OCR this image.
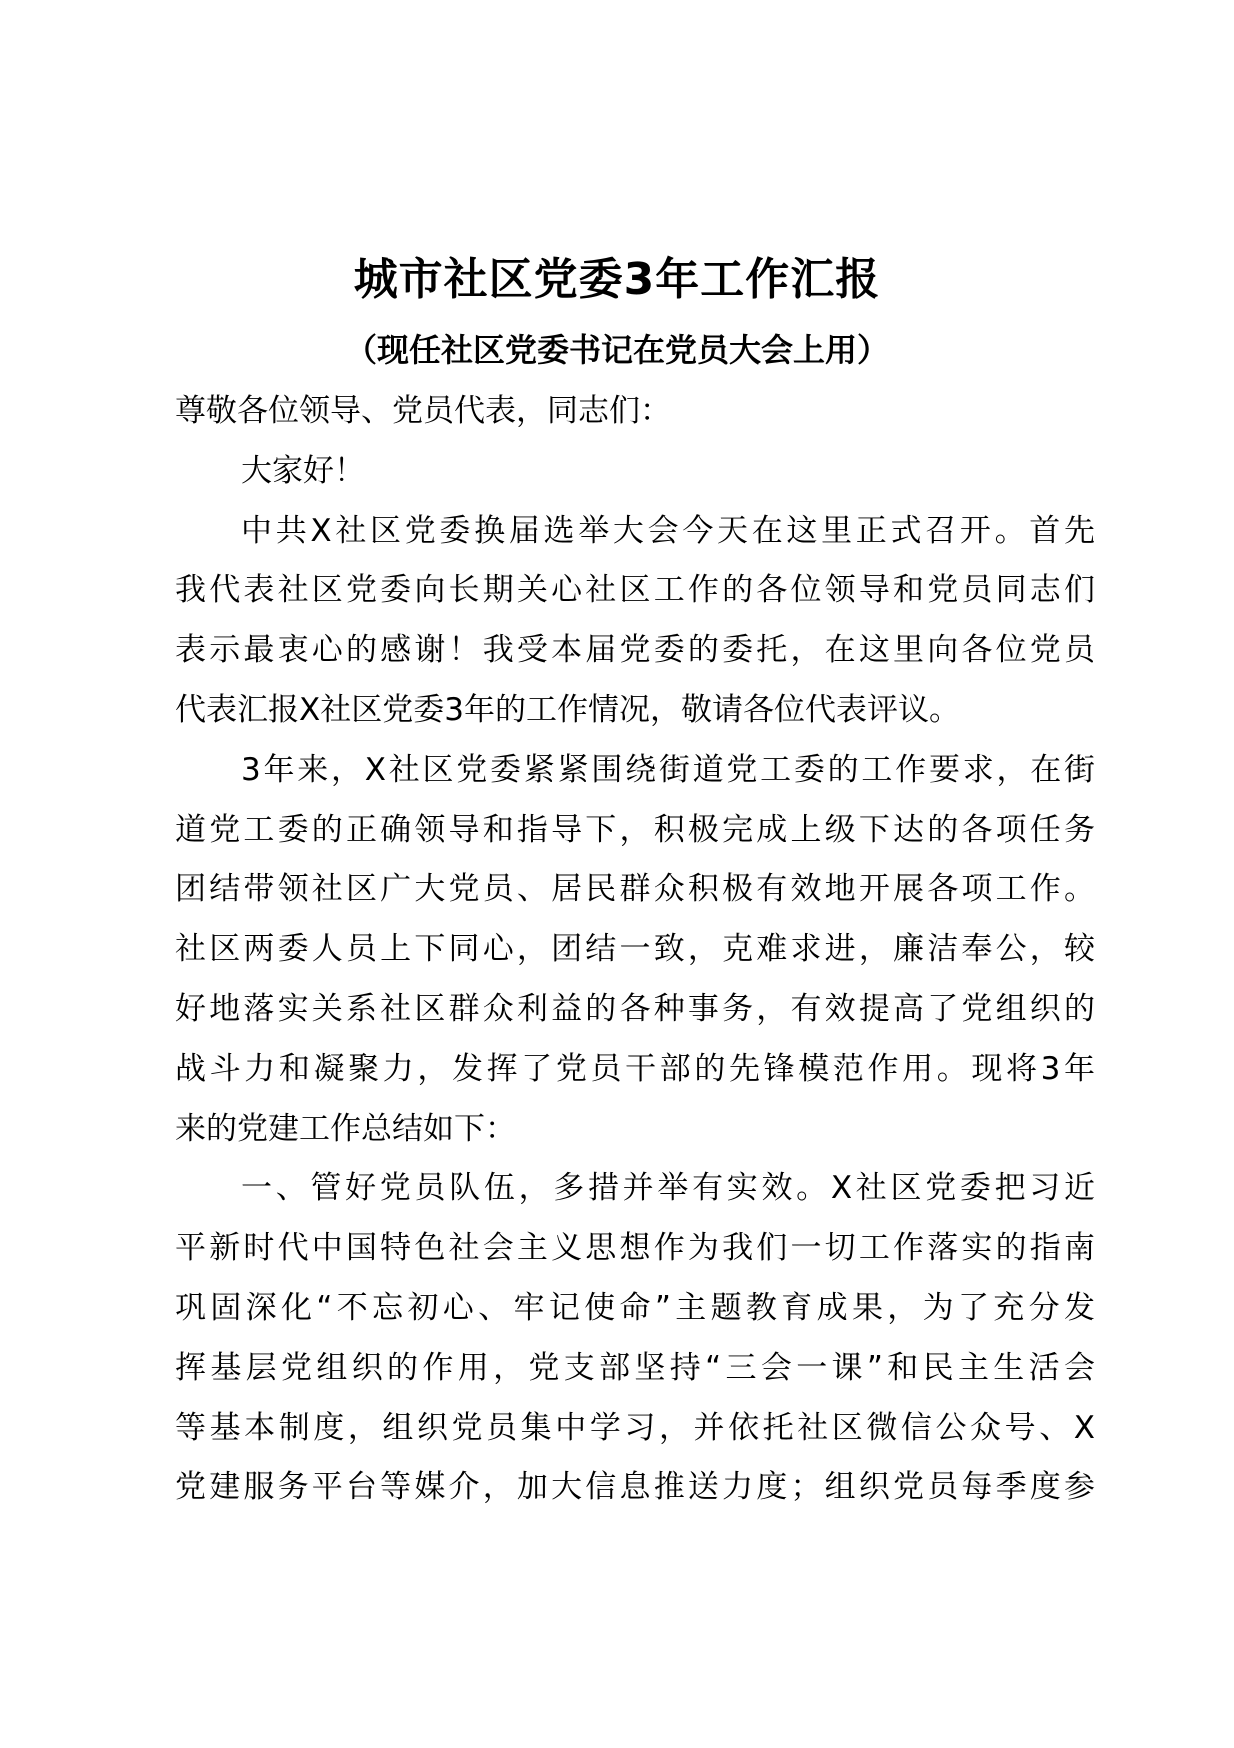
城市社区党委3年工作汇报
（现任社区党委书记在党员大会上用）
尊敬各位领导、党员代表，同志们：
大家好！
中共X社区党委换届选举大会今天在这里正式召开。首先
我代表社区党委向长期关心社区工作的各位领导和党员同志们
表示最衷心的感谢！我受本届党委的委托，在这里向各位党员
代表汇报X社区党委3年的工作情况，敬请各位代表评议。
3年来，X社区党委紧紧围绕街道党工委的工作要求，在街
道党工委的正确领导和指导下，积极完成上级下达的各项任务
团结带领社区广大党员、居民群众积极有效地开展各项工作。
社区两委人员上下同心，团结一致，克难求进，廉洁奉公，较
好地落实关系社区群众利益的各种事务，有效提高了党组织的
战斗力和凝聚力，发挥了党员干部的先锋模范作用。现将3年
来的党建工作总结如下：
一、管好党员队伍，多措并举有实效。X社区党委把习近
平新时代中国特色社会主义思想作为我们一切工作落实的指南
巩固深化“不忘初心、牢记使命”主题教育成果，为了充分发
挥基层党组织的作用，党支部坚持“三会一课”和民主生活会
等基本制度，组织党员集中学习，并依托社区微信公众号、X
党建服务平台等媒介，加大信息推送力度；组织党员每季度参
